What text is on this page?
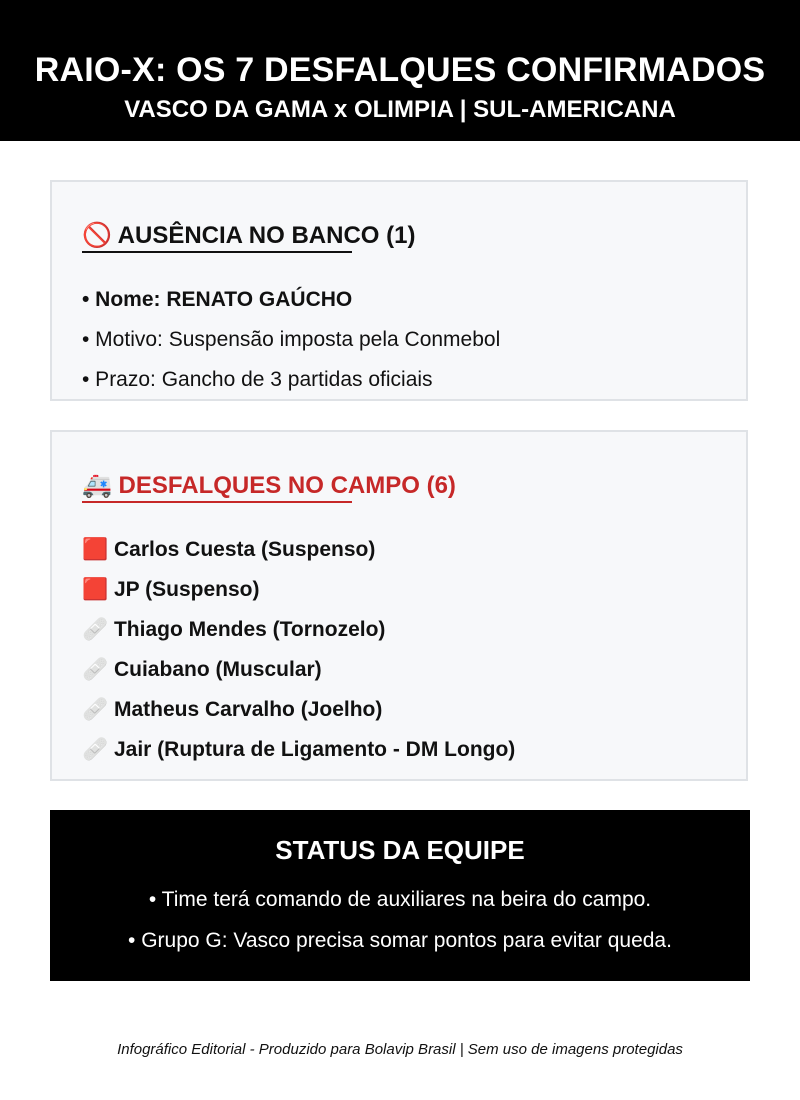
RAIO-X: OS 7 DESFALQUES CONFIRMADOS
VASCO DA GAMA x OLIMPIA | SUL-AMERICANA
🚫 AUSÊNCIA NO BANCO (1)
• Nome: RENATO GAÚCHO
• Motivo: Suspensão imposta pela Conmebol
• Prazo: Gancho de 3 partidas oficiais
🚑 DESFALQUES NO CAMPO (6)
🟥 Carlos Cuesta (Suspenso)
🟥 JP (Suspenso)
🩹 Thiago Mendes (Tornozelo)
🩹 Cuiabano (Muscular)
🩹 Matheus Carvalho (Joelho)
🩹 Jair (Ruptura de Ligamento - DM Longo)
STATUS DA EQUIPE
• Time terá comando de auxiliares na beira do campo.
• Grupo G: Vasco precisa somar pontos para evitar queda.
Infográfico Editorial - Produzido para Bolavip Brasil | Sem uso de imagens protegidas
